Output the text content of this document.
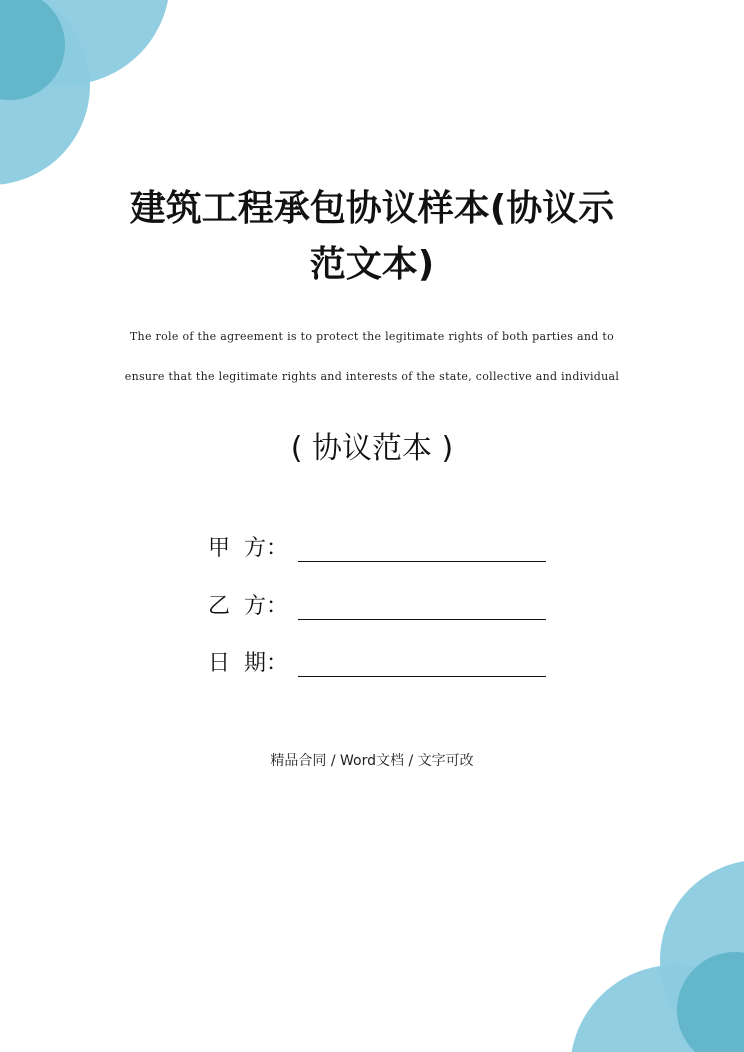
建筑工程承包协议样本(协议示
范文本)
The role of the agreement is to protect the legitimate rights of both parties and to
ensure that the legitimate rights and interests of the state, collective and individual
( 协议范本 )
甲  方：
乙  方：
日  期：
精品合同 / Word文档 / 文字可改
